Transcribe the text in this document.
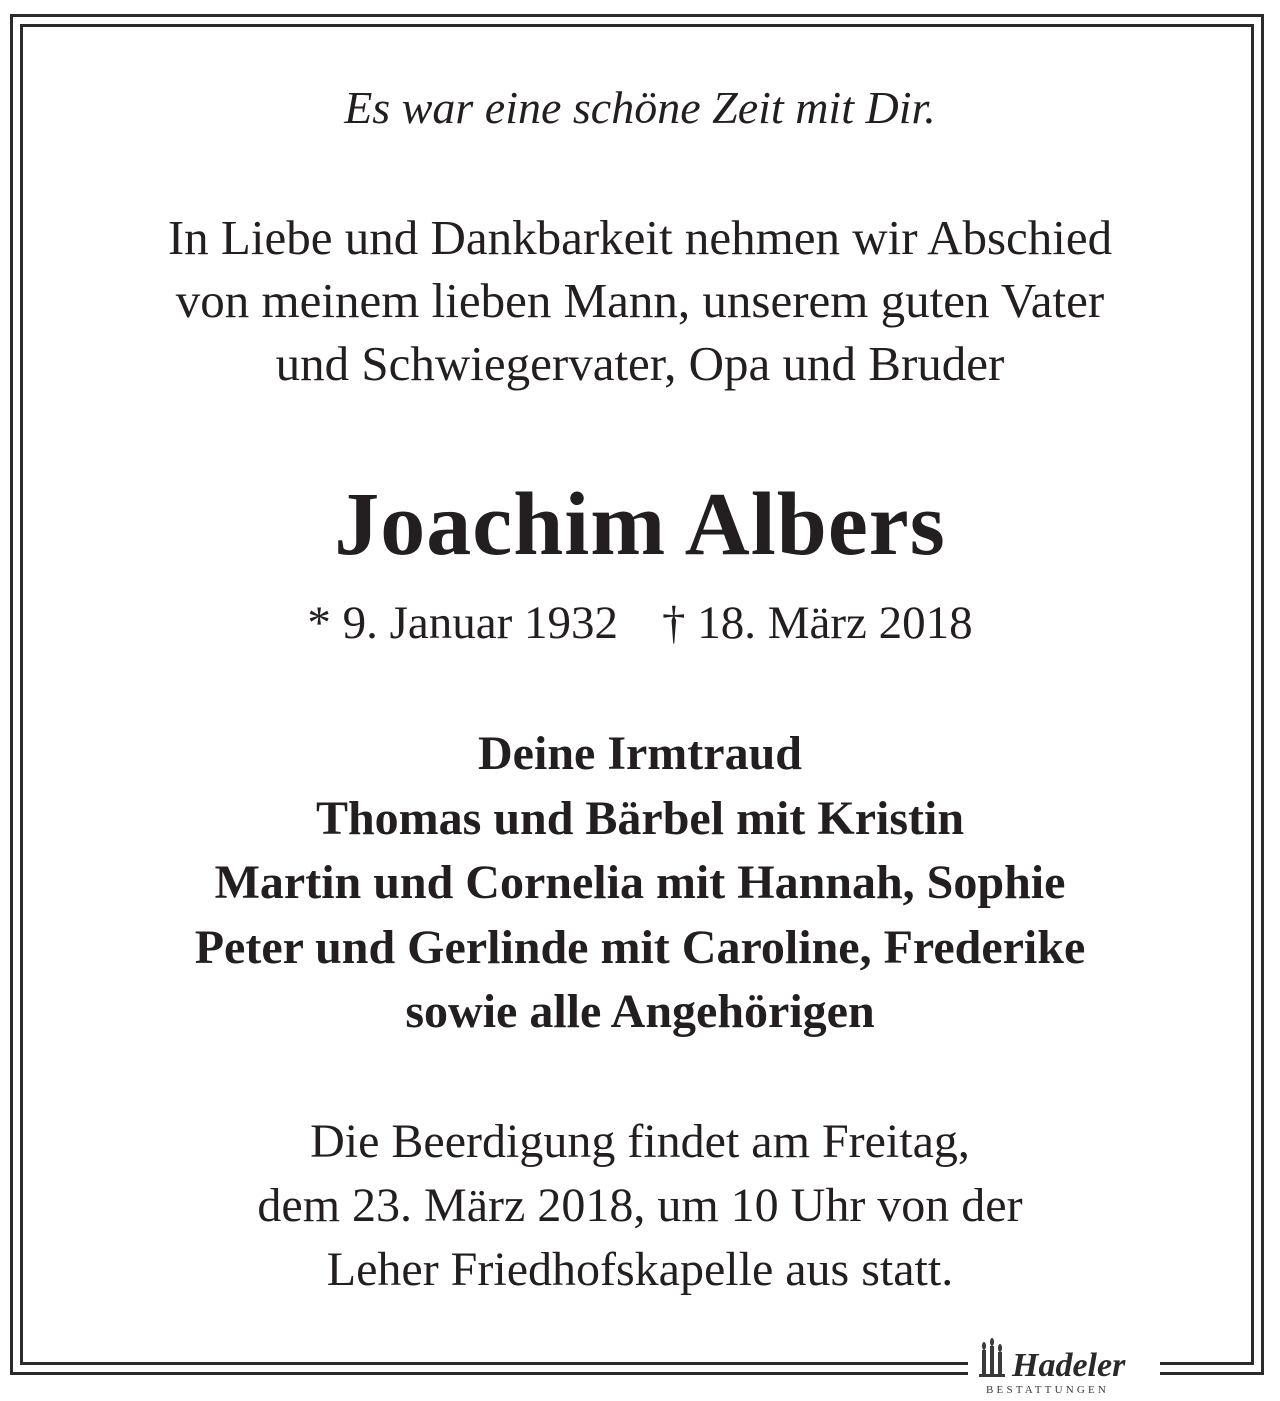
Es war eine schöne Zeit mit Dir.
In Liebe und Dankbarkeit nehmen wir Abschied
von meinem lieben Mann, unserem guten Vater
und Schwiegervater, Opa und Bruder
Joachim Albers
* 9. Januar 1932 † 18. März 2018
Deine Irmtraud
Thomas und Bärbel mit Kristin
Martin und Cornelia mit Hannah, Sophie
Peter und Gerlinde mit Caroline, Frederike
sowie alle Angehörigen
Die Beerdigung findet am Freitag,
dem 23. März 2018, um 10 Uhr von der
Leher Friedhofskapelle aus statt.
Hadeler
BESTATTUNGEN
